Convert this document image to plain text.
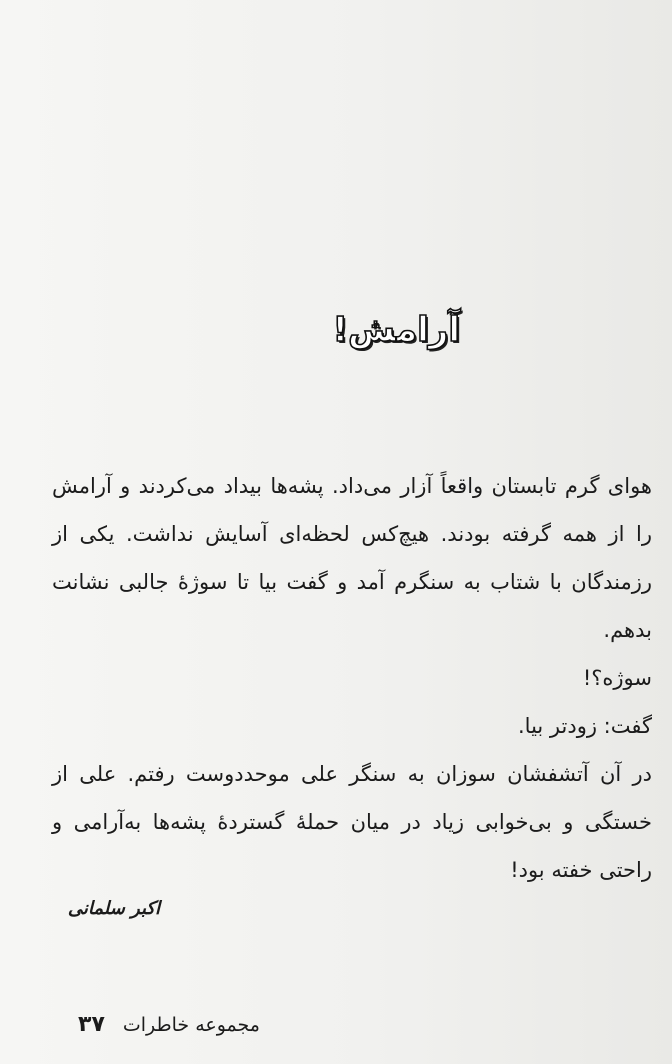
آرامش!

هوای گرم تابستان واقعاً آزار می‌داد. پشه‌ها بیداد می‌کردند و آرامش را از همه گرفته بودند. هیچ‌کس لحظه‌ای آسایش نداشت. یکی از رزمندگان با شتاب به سنگرم آمد و گفت بیا تا سوژهٔ جالبی نشانت بدهم.

سوژه؟!

گفت: زودتر بیا.

در آن آتشفشان سوزان به سنگر علی موحددوست رفتم. علی از خستگی و بی‌خوابی زیاد در میان حملهٔ گستردهٔ پشه‌ها به‌آرامی و راحتی خفته بود!

اکبر سلمانی

مجموعه خاطرات
۳۷
